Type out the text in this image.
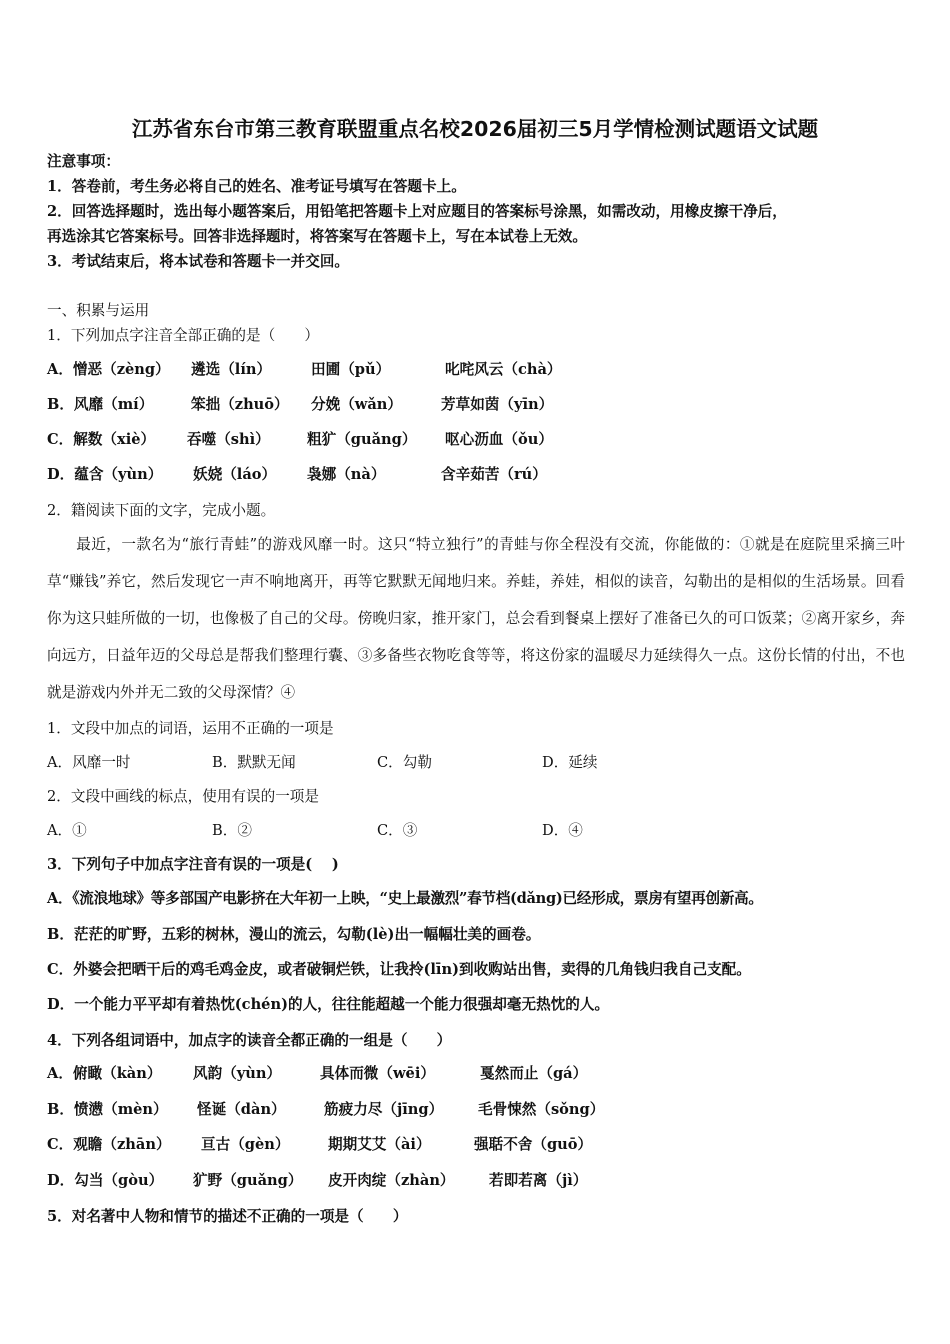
江苏省东台市第三教育联盟重点名校2026届初三5月学情检测试题语文试题
注意事项：
1．答卷前，考生务必将自己的姓名、准考证号填写在答题卡上。
2．回答选择题时，选出每小题答案后，用铅笔把答题卡上对应题目的答案标号涂黑，如需改动，用橡皮擦干净后，
再选涂其它答案标号。回答非选择题时，将答案写在答题卡上，写在本试卷上无效。
3．考试结束后，将本试卷和答题卡一并交回。
一、积累与运用
1．下列加点字注音全部正确的是（　　）
A．憎恶（zèng） 遴选（lín）	田圃（pǔ）	叱咤风云（chà）
B．风靡（mí）	笨拙（zhuō） 分娩（wǎn）	芳草如茵（yīn）
C．解数（xiè） 吞噬（shì）	粗犷（guǎng） 呕心沥血（ǒu）
D．蕴含（yùn） 妖娆（láo） 袅娜（nà）	含辛茹苦（rú）
2．籍阅读下面的文字，完成小题。

最近，一款名为“旅行青蛙”的游戏风靡一时。这只“特立独行”的青蛙与你全程没有交流，你能做的：①就是在庭院里采摘三叶草“赚钱”养它，然后发现它一声不响地离开，再等它默默无闻地归来。养蛙，养娃，相似的读音，勾勒出的是相似的生活场景。回看你为这只蛙所做的一切，也像极了自己的父母。傍晚归家，推开家门，总会看到餐桌上摆好了准备已久的可口饭菜；②离开家乡，奔向远方，日益年迈的父母总是帮我们整理行囊、③多备些衣物吃食等等，将这份家的温暖尽力延续得久一点。这份长情的付出，不也就是游戏内外并无二致的父母深情？④

1．文段中加点的词语，运用不正确的一项是
A．风靡一时	B．默默无闻	C．勾勒	D．延续
2．文段中画线的标点，使用有误的一项是
A．①	B．②	C．③	D．④
3．下列句子中加点字注音有误的一项是(　 )
A．《流浪地球》等多部国产电影挤在大年初一上映，“史上最激烈”春节档(dǎng)已经形成，票房有望再创新高。
B．茫茫的旷野，五彩的树林，漫山的流云，勾勒(lè)出一幅幅壮美的画卷。
C．外婆会把晒干后的鸡毛鸡金皮，或者破铜烂铁，让我拎(līn)到收购站出售，卖得的几角钱归我自己支配。
D．一个能力平平却有着热忱(chén)的人，往往能超越一个能力很强却毫无热忱的人。
4．下列各组词语中，加点字的读音全都正确的一组是（　　）
A．俯瞰（kàn） 风韵（yùn）	具体而微（wēi）	戛然而止（gá）
B．愤懑（mèn） 怪诞（dàn）	筋疲力尽（jīng） 毛骨悚然（sǒng）
C．观瞻（zhān） 亘古（gèn）	期期艾艾（ài）	强聒不舍（guō）
D．勾当（gòu） 犷野（guǎng） 皮开肉绽（zhàn） 若即若离（jì）
5．对名著中人物和情节的描述不正确的一项是（　　）
